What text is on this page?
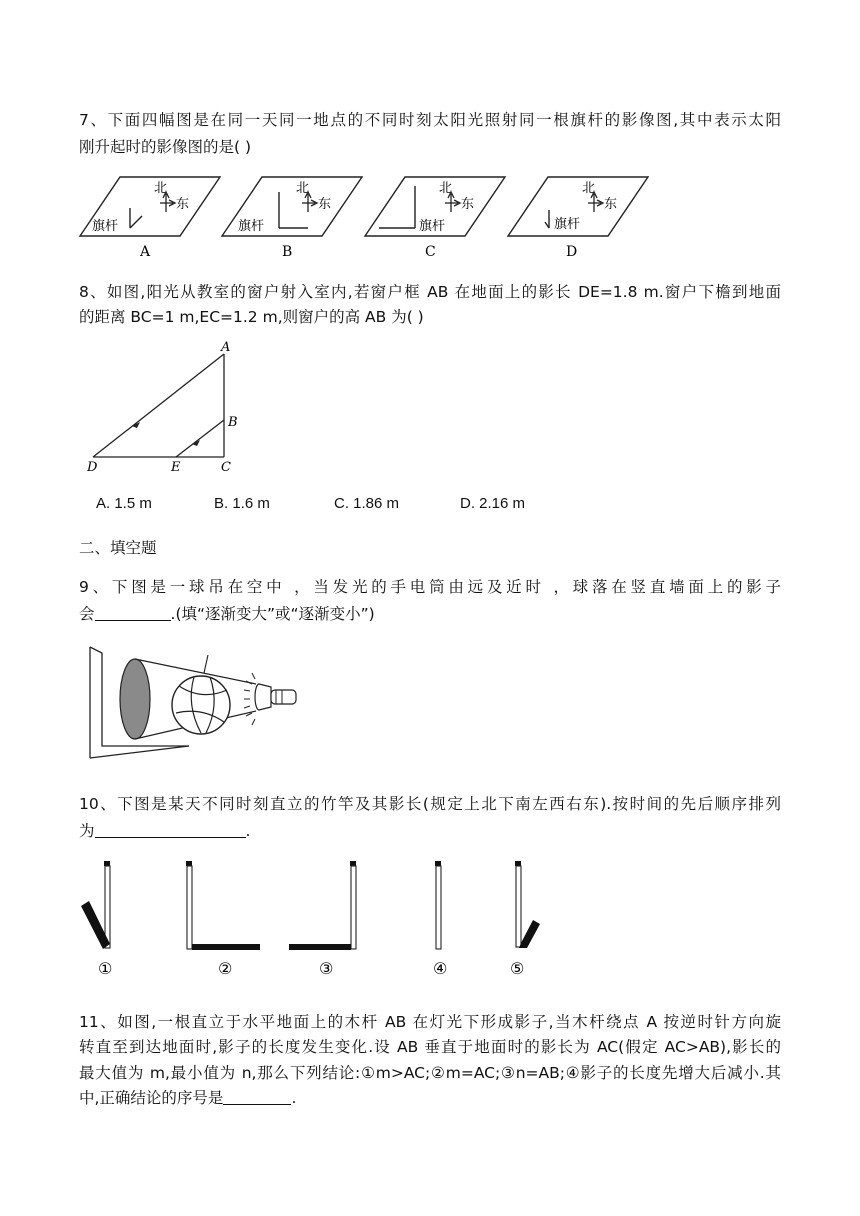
7、下面四幅图是在同一天同一地点的不同时刻太阳光照射同一根旗杆的影像图,其中表示太阳
刚升起时的影像图的是( )
北
东
旗杆
A
北
东
旗杆
B
北
东
旗杆
C
北
东
旗杆
D
8、如图,阳光从教室的窗户射入室内,若窗户框 AB 在地面上的影长 DE=1.8 m.窗户下檐到地面
的距离 BC=1 m,EC=1.2 m,则窗户的高 AB 为( )
A
B
C
D	E
A. 1.5 m	B. 1.6 m	C. 1.86 m	D. 2.16 m
二、填空题
9、下图是一球吊在空中 ，当发光的手电筒由远及近时 ，球落在竖直墙面上的影子
会	.(填“逐渐变大”或“逐渐变小”)
10、下图是某天不同时刻直立的竹竿及其影长(规定上北下南左西右东).按时间的先后顺序排列
为	.
①	②	③	④	⑤
11、如图,一根直立于水平地面上的木杆 AB 在灯光下形成影子,当木杆绕点 A 按逆时针方向旋
转直至到达地面时,影子的长度发生变化.设 AB 垂直于地面时的影长为 AC(假定 AC>AB),影长的
最大值为 m,最小值为 n,那么下列结论:①m>AC;②m=AC;③n=AB;④影子的长度先增大后减小.其
中,正确结论的序号是	.
